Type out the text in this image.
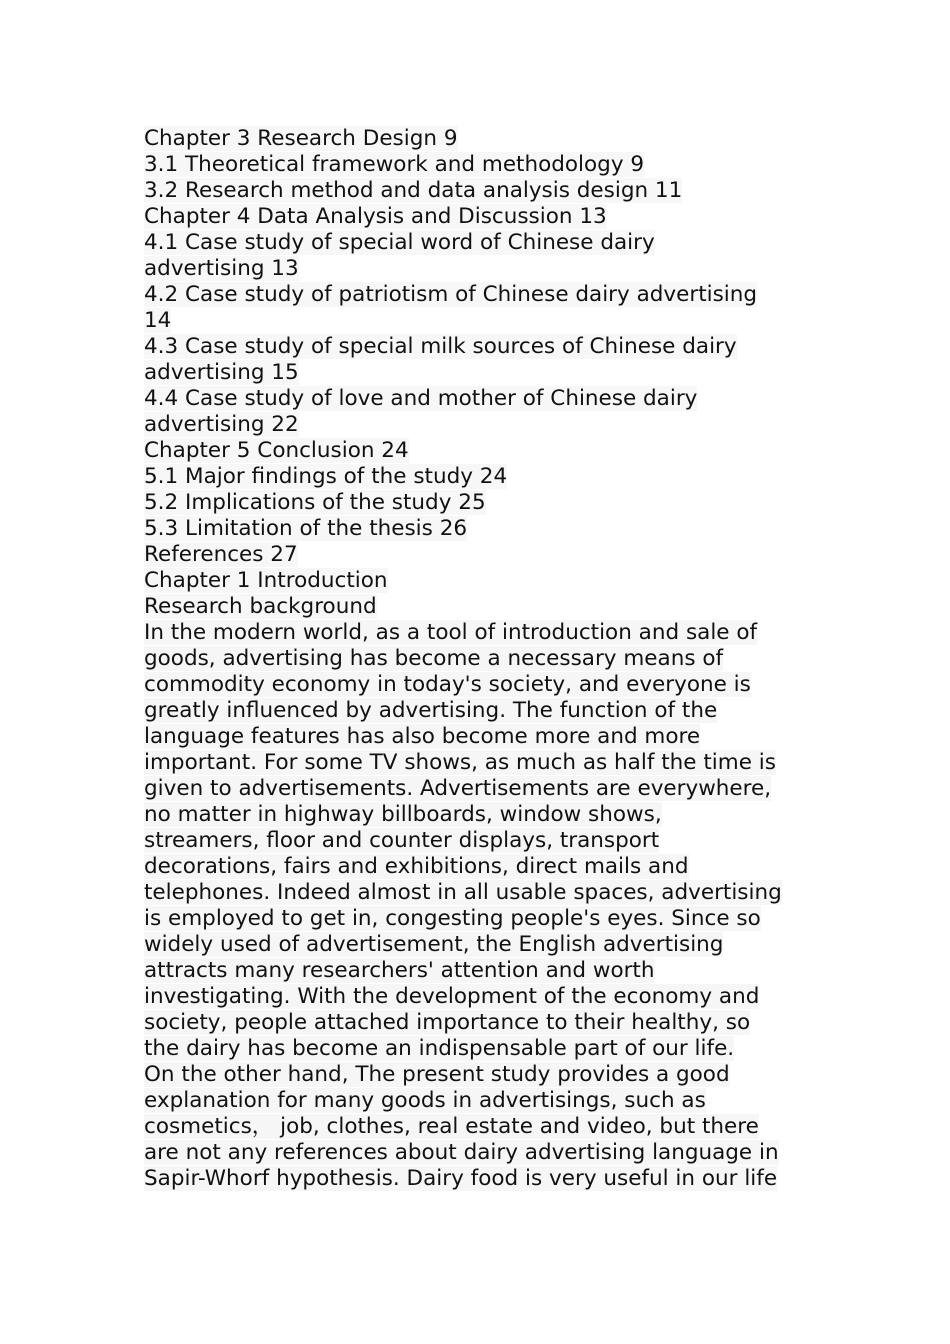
Chapter 3 Research Design 9
3.1 Theoretical framework and methodology 9
3.2 Research method and data analysis design 11
Chapter 4 Data Analysis and Discussion 13
4.1 Case study of special word of Chinese dairy
advertising 13
4.2 Case study of patriotism of Chinese dairy advertising
14
4.3 Case study of special milk sources of Chinese dairy
advertising 15
4.4 Case study of love and mother of Chinese dairy
advertising 22
Chapter 5 Conclusion 24
5.1 Major findings of the study 24
5.2 Implications of the study 25
5.3 Limitation of the thesis 26
References 27
Chapter 1 Introduction
Research background
In the modern world, as a tool of introduction and sale of
goods, advertising has become a necessary means of
commodity economy in today's society, and everyone is
greatly influenced by advertising. The function of the
language features has also become more and more
important. For some TV shows, as much as half the time is
given to advertisements. Advertisements are everywhere,
no matter in highway billboards, window shows,
streamers, floor and counter displays, transport
decorations, fairs and exhibitions, direct mails and
telephones. Indeed almost in all usable spaces, advertising
is employed to get in, congesting people's eyes. Since so
widely used of advertisement, the English advertising
attracts many researchers' attention and worth
investigating. With the development of the economy and
society, people attached importance to their healthy, so
the dairy has become an indispensable part of our life.
On the other hand, The present study provides a good
explanation for many goods in advertisings, such as
cosmetics， job, clothes, real estate and video, but there
are not any references about dairy advertising language in
Sapir-Whorf hypothesis. Dairy food is very useful in our life
